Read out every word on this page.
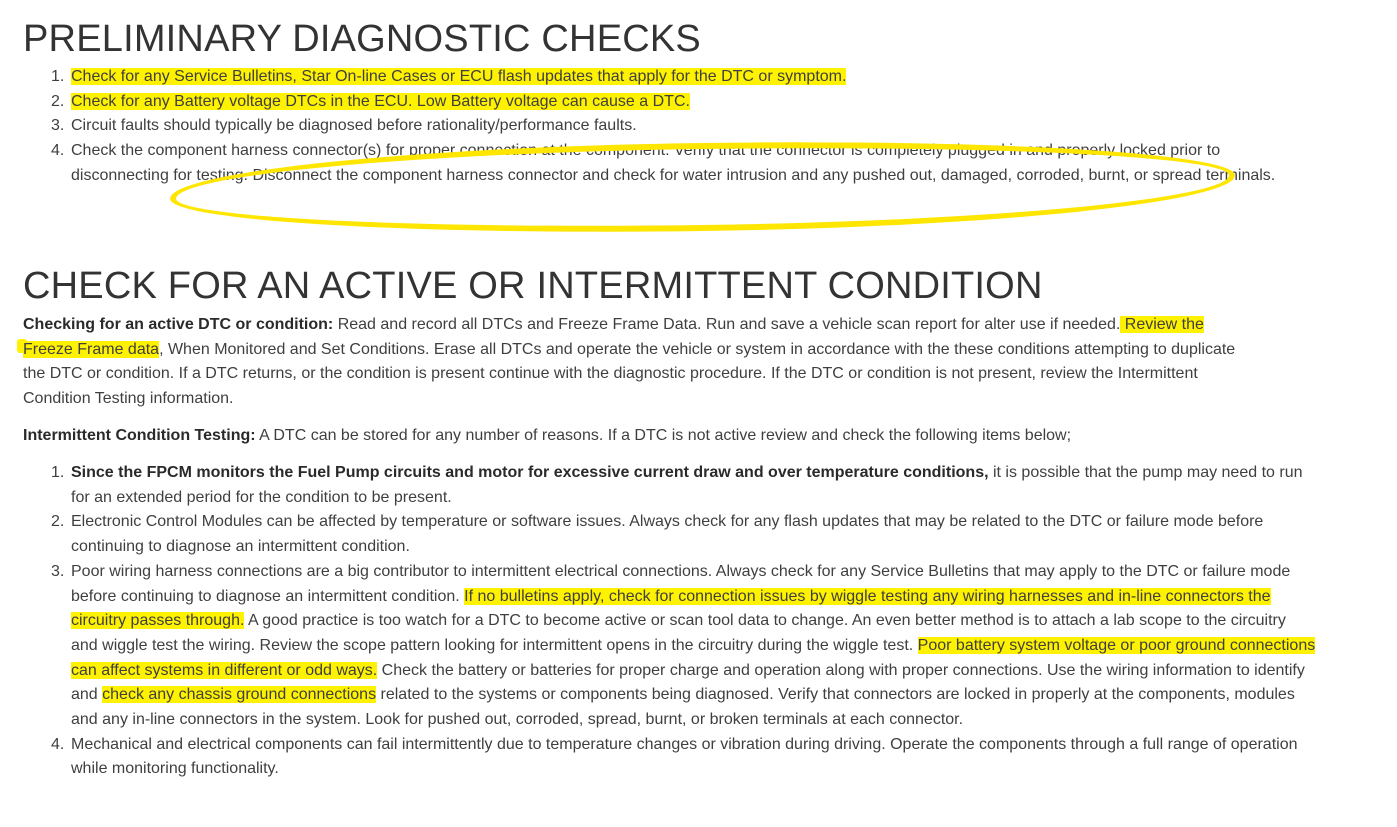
PRELIMINARY DIAGNOSTIC CHECKS
Check for any Service Bulletins, Star On-line Cases or ECU flash updates that apply for the DTC or symptom.
Check for any Battery voltage DTCs in the ECU. Low Battery voltage can cause a DTC.
Circuit faults should typically be diagnosed before rationality/performance faults.
Check the component harness connector(s) for proper connection at the component. Verify that the connector is completely plugged in and properly locked prior to disconnecting for testing. Disconnect the component harness connector and check for water intrusion and any pushed out, damaged, corroded, burnt, or spread terminals.
CHECK FOR AN ACTIVE OR INTERMITTENT CONDITION

Checking for an active DTC or condition: Read and record all DTCs and Freeze Frame Data. Run and save a vehicle scan report for alter use if needed. Review the Freeze Frame data, When Monitored and Set Conditions. Erase all DTCs and operate the vehicle or system in accordance with the these conditions attempting to duplicate the DTC or condition. If a DTC returns, or the condition is present continue with the diagnostic procedure. If the DTC or condition is not present, review the Intermittent Condition Testing information.

Intermittent Condition Testing: A DTC can be stored for any number of reasons. If a DTC is not active review and check the following items below;

Since the FPCM monitors the Fuel Pump circuits and motor for excessive current draw and over temperature conditions, it is possible that the pump may need to run for an extended period for the condition to be present.
Electronic Control Modules can be affected by temperature or software issues. Always check for any flash updates that may be related to the DTC or failure mode before continuing to diagnose an intermittent condition.
Poor wiring harness connections are a big contributor to intermittent electrical connections. Always check for any Service Bulletins that may apply to the DTC or failure mode before continuing to diagnose an intermittent condition. If no bulletins apply, check for connection issues by wiggle testing any wiring harnesses and in-line connectors the circuitry passes through. A good practice is too watch for a DTC to become active or scan tool data to change. An even better method is to attach a lab scope to the circuitry and wiggle test the wiring. Review the scope pattern looking for intermittent opens in the circuitry during the wiggle test. Poor battery system voltage or poor ground connections can affect systems in different or odd ways. Check the battery or batteries for proper charge and operation along with proper connections. Use the wiring information to identify and check any chassis ground connections related to the systems or components being diagnosed. Verify that connectors are locked in properly at the components, modules and any in-line connectors in the system. Look for pushed out, corroded, spread, burnt, or broken terminals at each connector.
Mechanical and electrical components can fail intermittently due to temperature changes or vibration during driving. Operate the components through a full range of operation while monitoring functionality.
